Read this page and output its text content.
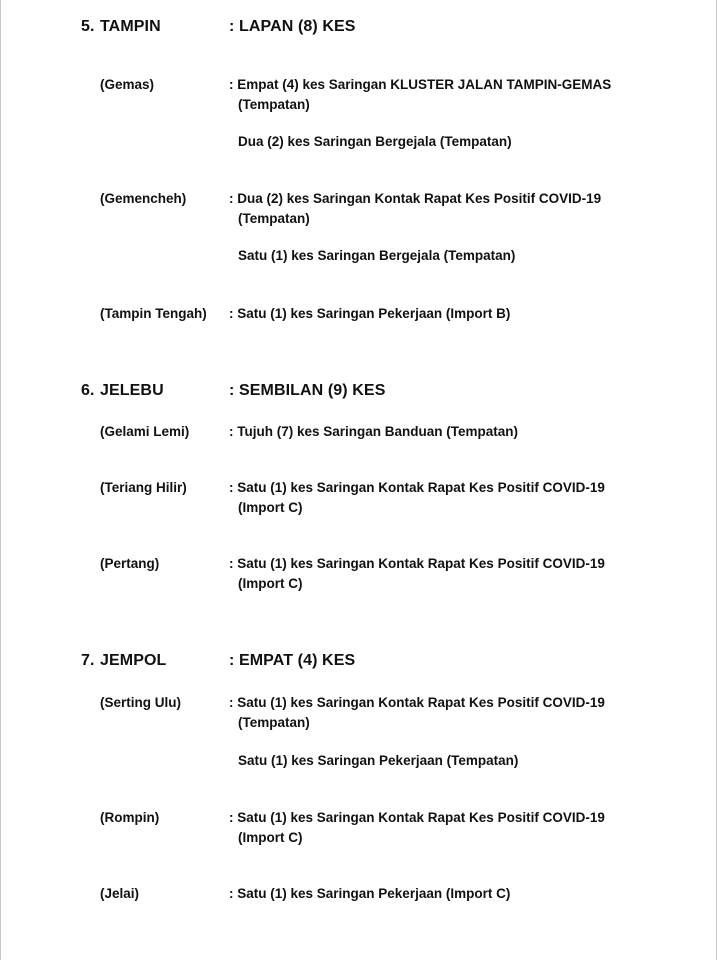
5. TAMPIN	: LAPAN (8) KES
(Gemas)	: Empat (4) kes Saringan KLUSTER JALAN TAMPIN-GEMAS
(Tempatan)
Dua (2) kes Saringan Bergejala (Tempatan)
(Gemencheh)	: Dua (2) kes Saringan Kontak Rapat Kes Positif COVID-19
(Tempatan)
Satu (1) kes Saringan Bergejala (Tempatan)
(Tampin Tengah) : Satu (1) kes Saringan Pekerjaan (Import B)
6. JELEBU	: SEMBILAN (9) KES
(Gelami Lemi)	: Tujuh (7) kes Saringan Banduan (Tempatan)
(Teriang Hilir)	: Satu (1) kes Saringan Kontak Rapat Kes Positif COVID-19
(Import C)
(Pertang)	: Satu (1) kes Saringan Kontak Rapat Kes Positif COVID-19
(Import C)
7. JEMPOL	: EMPAT (4) KES
(Serting Ulu)	: Satu (1) kes Saringan Kontak Rapat Kes Positif COVID-19
(Tempatan)
Satu (1) kes Saringan Pekerjaan (Tempatan)
(Rompin)	: Satu (1) kes Saringan Kontak Rapat Kes Positif COVID-19
(Import C)
(Jelai)	: Satu (1) kes Saringan Pekerjaan (Import C)
